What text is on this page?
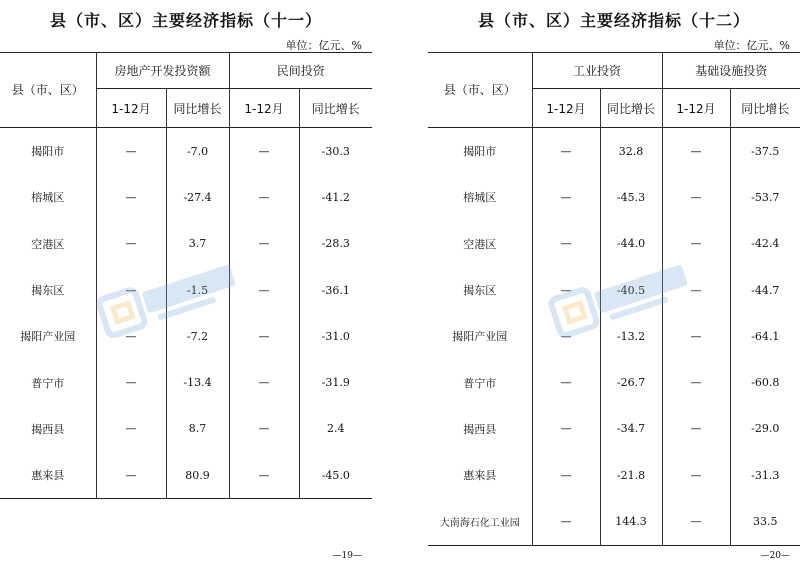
县（市、区）主要经济指标（十一）
单位：亿元、%
县（市、区）	房地产开发投资额		民间投资	
	1-12月	同比增长	1-12月	同比增长
揭阳市	—	-7.0	—	-30.3
榕城区	—	-27.4	—	-41.2
空港区	—	3.7	—	-28.3
揭东区	—	-1.5	—	-36.1
揭阳产业园	—	-7.2	—	-31.0
普宁市	—	-13.4	—	-31.9
揭西县	—	8.7	—	2.4
惠来县	—	80.9	—	-45.0
—19—
县（市、区）主要经济指标（十二）
单位：亿元、%
县（市、区）	工业投资		基础设施投资	
	1-12月	同比增长	1-12月	同比增长
揭阳市	—	32.8	—	-37.5
榕城区	—	-45.3	—	-53.7
空港区	—	-44.0	—	-42.4
揭东区	—	-40.5	—	-44.7
揭阳产业园	—	-13.2	—	-64.1
普宁市	—	-26.7	—	-60.8
揭西县	—	-34.7	—	-29.0
惠来县	—	-21.8	—	-31.3
大南海石化工业园	—	144.3	—	33.5
—20—
